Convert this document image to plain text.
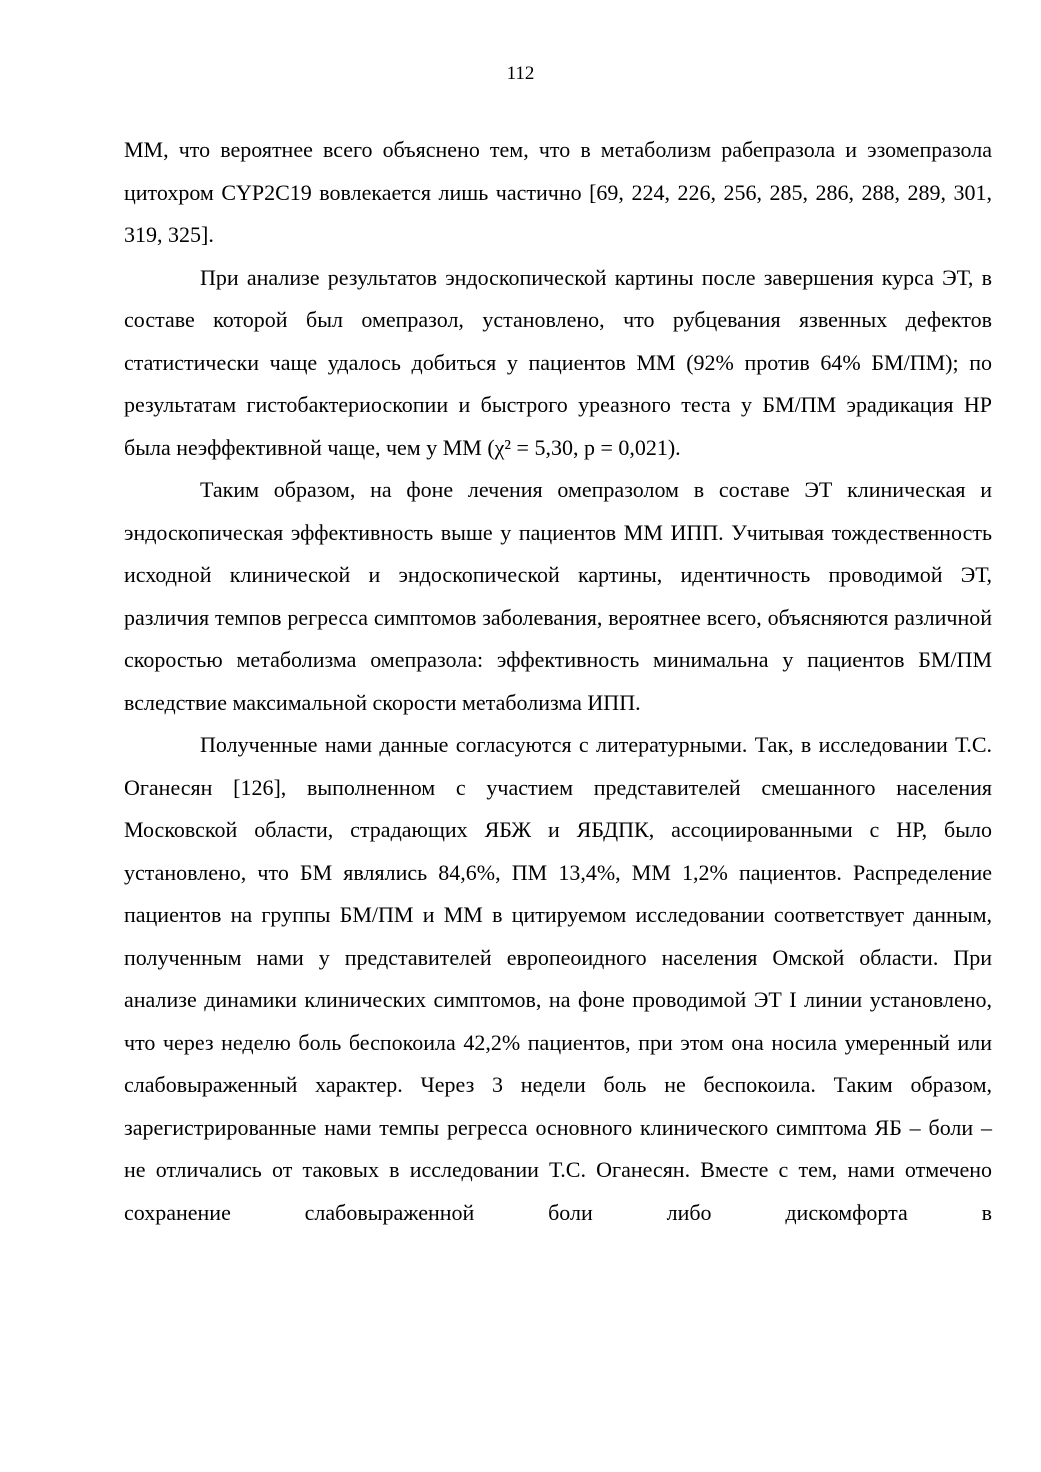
112

ММ, что вероятнее всего объяснено тем, что в метаболизм рабепразола и эзомепразола цитохром CYP2C19 вовлекается лишь частично [69, 224, 226, 256, 285, 286, 288, 289, 301, 319, 325].

При анализе результатов эндоскопической картины после завершения курса ЭТ, в составе которой был омепразол, установлено, что рубцевания язвенных дефектов статистически чаще удалось добиться у пациентов ММ (92% против 64% БМ/ПМ); по результатам гистобактериоскопии и быстрого уреазного теста у БМ/ПМ эрадикация НР была неэффективной чаще, чем у ММ (χ² = 5,30, р = 0,021).

Таким образом, на фоне лечения омепразолом в составе ЭТ клиническая и эндоскопическая эффективность выше у пациентов ММ ИПП. Учитывая тождественность исходной клинической и эндоскопической картины, идентичность проводимой ЭТ, различия темпов регресса симптомов заболевания, вероятнее всего, объясняются различной скоростью метаболизма омепразола: эффективность минимальна у пациентов БМ/ПМ вследствие максимальной скорости метаболизма ИПП.

Полученные нами данные согласуются с литературными. Так, в исследовании Т.С. Оганесян [126], выполненном с участием представителей смешанного населения Московской области, страдающих ЯБЖ и ЯБДПК, ассоциированными с НР, было установлено, что БМ являлись 84,6%, ПМ 13,4%, ММ 1,2% пациентов. Распределение пациентов на группы БМ/ПМ и ММ в цитируемом исследовании соответствует данным, полученным нами у представителей европеоидного населения Омской области. При анализе динамики клинических симптомов, на фоне проводимой ЭТ I линии установлено, что через неделю боль беспокоила 42,2% пациентов, при этом она носила умеренный или слабовыраженный характер. Через 3 недели боль не беспокоила. Таким образом, зарегистрированные нами темпы регресса основного клинического симптома ЯБ – боли – не отличались от таковых в исследовании Т.С. Оганесян. Вместе с тем, нами отмечено сохранение слабовыраженной боли либо дискомфорта в
